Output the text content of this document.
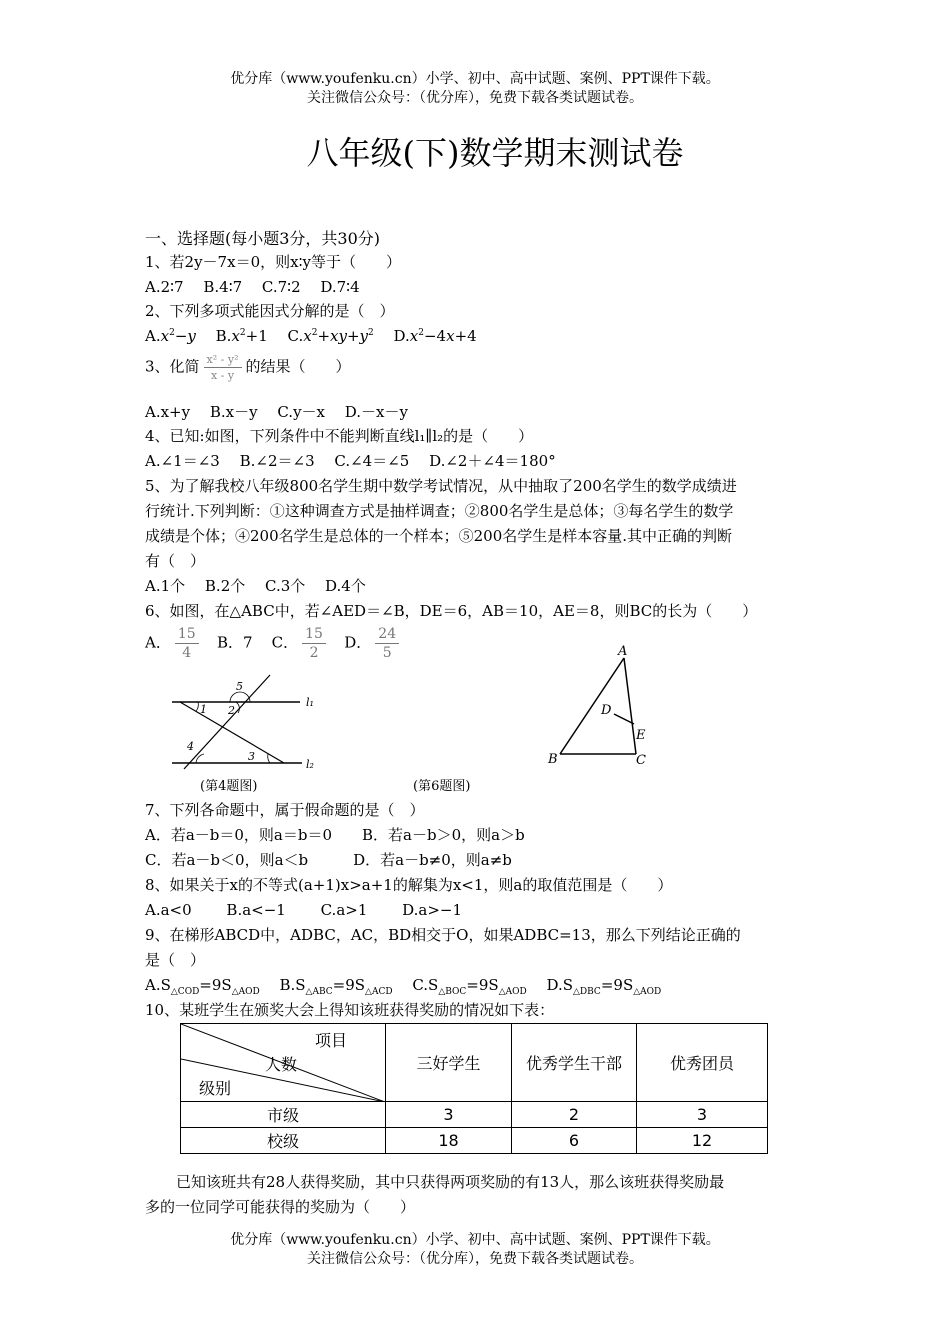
优分库（www.youfenku.cn）小学、初中、高中试题、案例、PPT课件下载。
关注微信公众号：（优分库），免费下载各类试题试卷。
八年级(下)数学期末测试卷
一、选择题(每小题3分，共30分)
1、若2y－7x＝0，则x∶y等于（　　）
A.2∶7　 B.4∶7　 C.7∶2　 D.7∶4
2、下列多项式能因式分解的是（　）
$A.x^2-y$　 $B.x^2+1$　 $C.x^2+xy+y^2$　 $D.x^2-4x+4$
3、化简 $\frac{\text{x² - y²}}{x - y}$ 的结果（　　）
A.x+y　 B.x－y　 C.y－x　 D.－x－y
4、已知:如图，下列条件中不能判断直线l₁∥l₂的是（　　）
A.∠1＝∠3　 B.∠2＝∠3　 C.∠4＝∠5　 D.∠2＋∠4＝180°
5、为了解我校八年级800名学生期中数学考试情况，从中抽取了200名学生的数学成绩进
行统计.下列判断：①这种调查方式是抽样调查；②800名学生是总体；③每名学生的数学
成绩是个体；④200名学生是总体的一个样本；⑤200名学生是样本容量.其中正确的判断
有（　）
A.1个　 B.2个　 C.3个　 D.4个
6、如图，在△ABC中，若∠AED＝∠B，DE＝6，AB＝10，AE＝8，则BC的长为（　　）
A． $\frac{15}{4}$ B．7 C． $\frac{15}{2}$ D． $\frac{24}{5}$
5
l₁
1 2
4
3
l₂
(第4题图)
A
D
E
B	C
(第6题图)
7、下列各命题中，属于假命题的是（　）
A．若a－b＝0，则a＝b＝0　　B．若a－b＞0，则a＞b
C．若a－b＜0，则a＜b　　　D．若a－b≠0，则a≠b
8、如果关于x的不等式(a+1)x>a+1的解集为x<1，则a的取值范围是（　　）
A.a<0　　 B.a<−1　　 C.a>1　　 D.a>−1
9、在梯形ABCD中，ADBC，AC，BD相交于O，如果ADBC=13，那么下列结论正确的
是（　）
$A.S_{\triangle COD}=9S_{\triangle AOD}$　 $B.S_{\triangle ABC}=9S_{\triangle ACD}$　 $C.S_{\triangle BOC}=9S_{\triangle AOD}$　 $D.S_{\triangle DBC}=9S_{\triangle AOD}$
10、某班学生在颁奖大会上得知该班获得奖励的情况如下表：
项目
人数
级别	三好学生	优秀学生干部	优秀团员
市级	3	2	3
校级	18	6	12
已知该班共有28人获得奖励，其中只获得两项奖励的有13人，那么该班获得奖励最
多的一位同学可能获得的奖励为（　　）
优分库（www.youfenku.cn）小学、初中、高中试题、案例、PPT课件下载。
关注微信公众号：（优分库），免费下载各类试题试卷。
